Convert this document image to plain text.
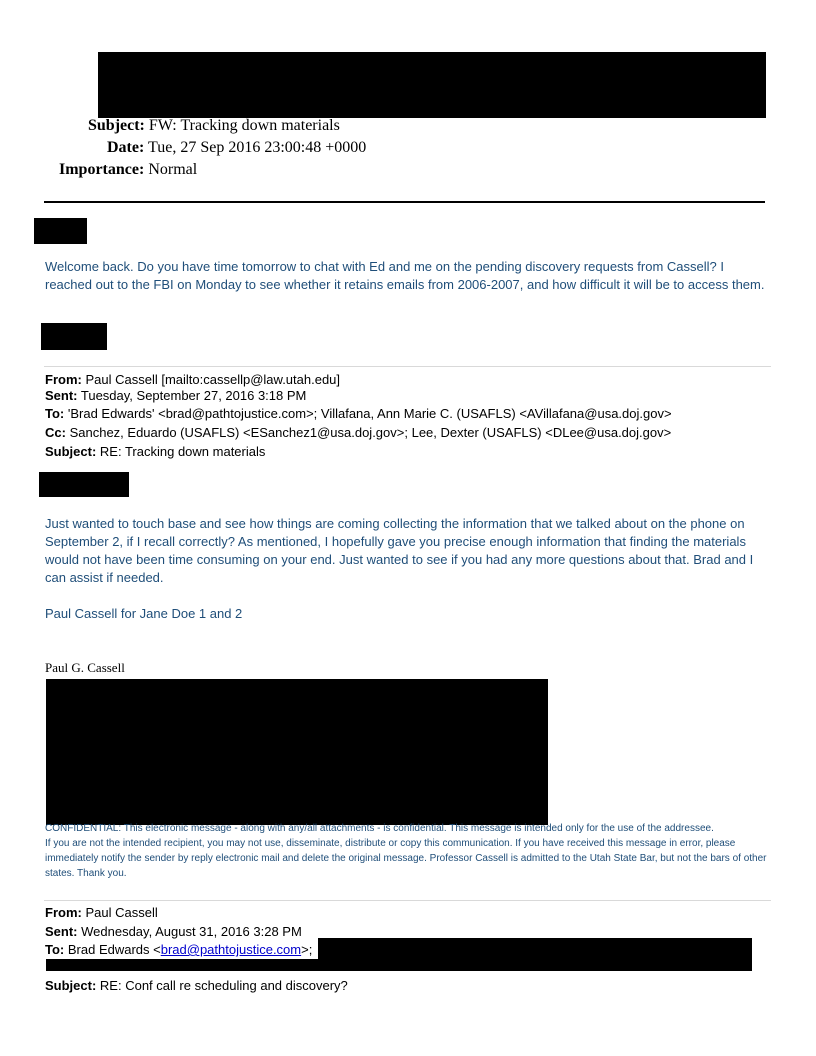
Subject: FW: Tracking down materials
Date: Tue, 27 Sep 2016 23:00:48 +0000
Importance: Normal
Welcome back. Do you have time tomorrow to chat with Ed and me on the pending discovery requests from Cassell? I reached out to the FBI on Monday to see whether it retains emails from 2006-2007, and how difficult it will be to access them.
From: Paul Cassell [mailto:cassellp@law.utah.edu]
Sent: Tuesday, September 27, 2016 3:18 PM
To: 'Brad Edwards' <brad@pathtojustice.com>; Villafana, Ann Marie C. (USAFLS) <AVillafana@usa.doj.gov>
Cc: Sanchez, Eduardo (USAFLS) <ESanchez1@usa.doj.gov>; Lee, Dexter (USAFLS) <DLee@usa.doj.gov>
Subject: RE: Tracking down materials
Just wanted to touch base and see how things are coming collecting the information that we talked about on the phone on September 2, if I recall correctly? As mentioned, I hopefully gave you precise enough information that finding the materials would not have been time consuming on your end. Just wanted to see if you had any more questions about that. Brad and I can assist if needed.
Paul Cassell for Jane Doe 1 and 2
Paul G. Cassell
CONFIDENTIAL: This electronic message - along with any/all attachments - is confidential. This message is intended only for the use of the addressee.
If you are not the intended recipient, you may not use, disseminate, distribute or copy this communication. If you have received this message in error, please immediately notify the sender by reply electronic mail and delete the original message. Professor Cassell is admitted to the Utah State Bar, but not the bars of other states. Thank you.
From: Paul Cassell
Sent: Wednesday, August 31, 2016 3:28 PM
To: Brad Edwards <brad@pathtojustice.com>;
Subject: RE: Conf call re scheduling and discovery?
